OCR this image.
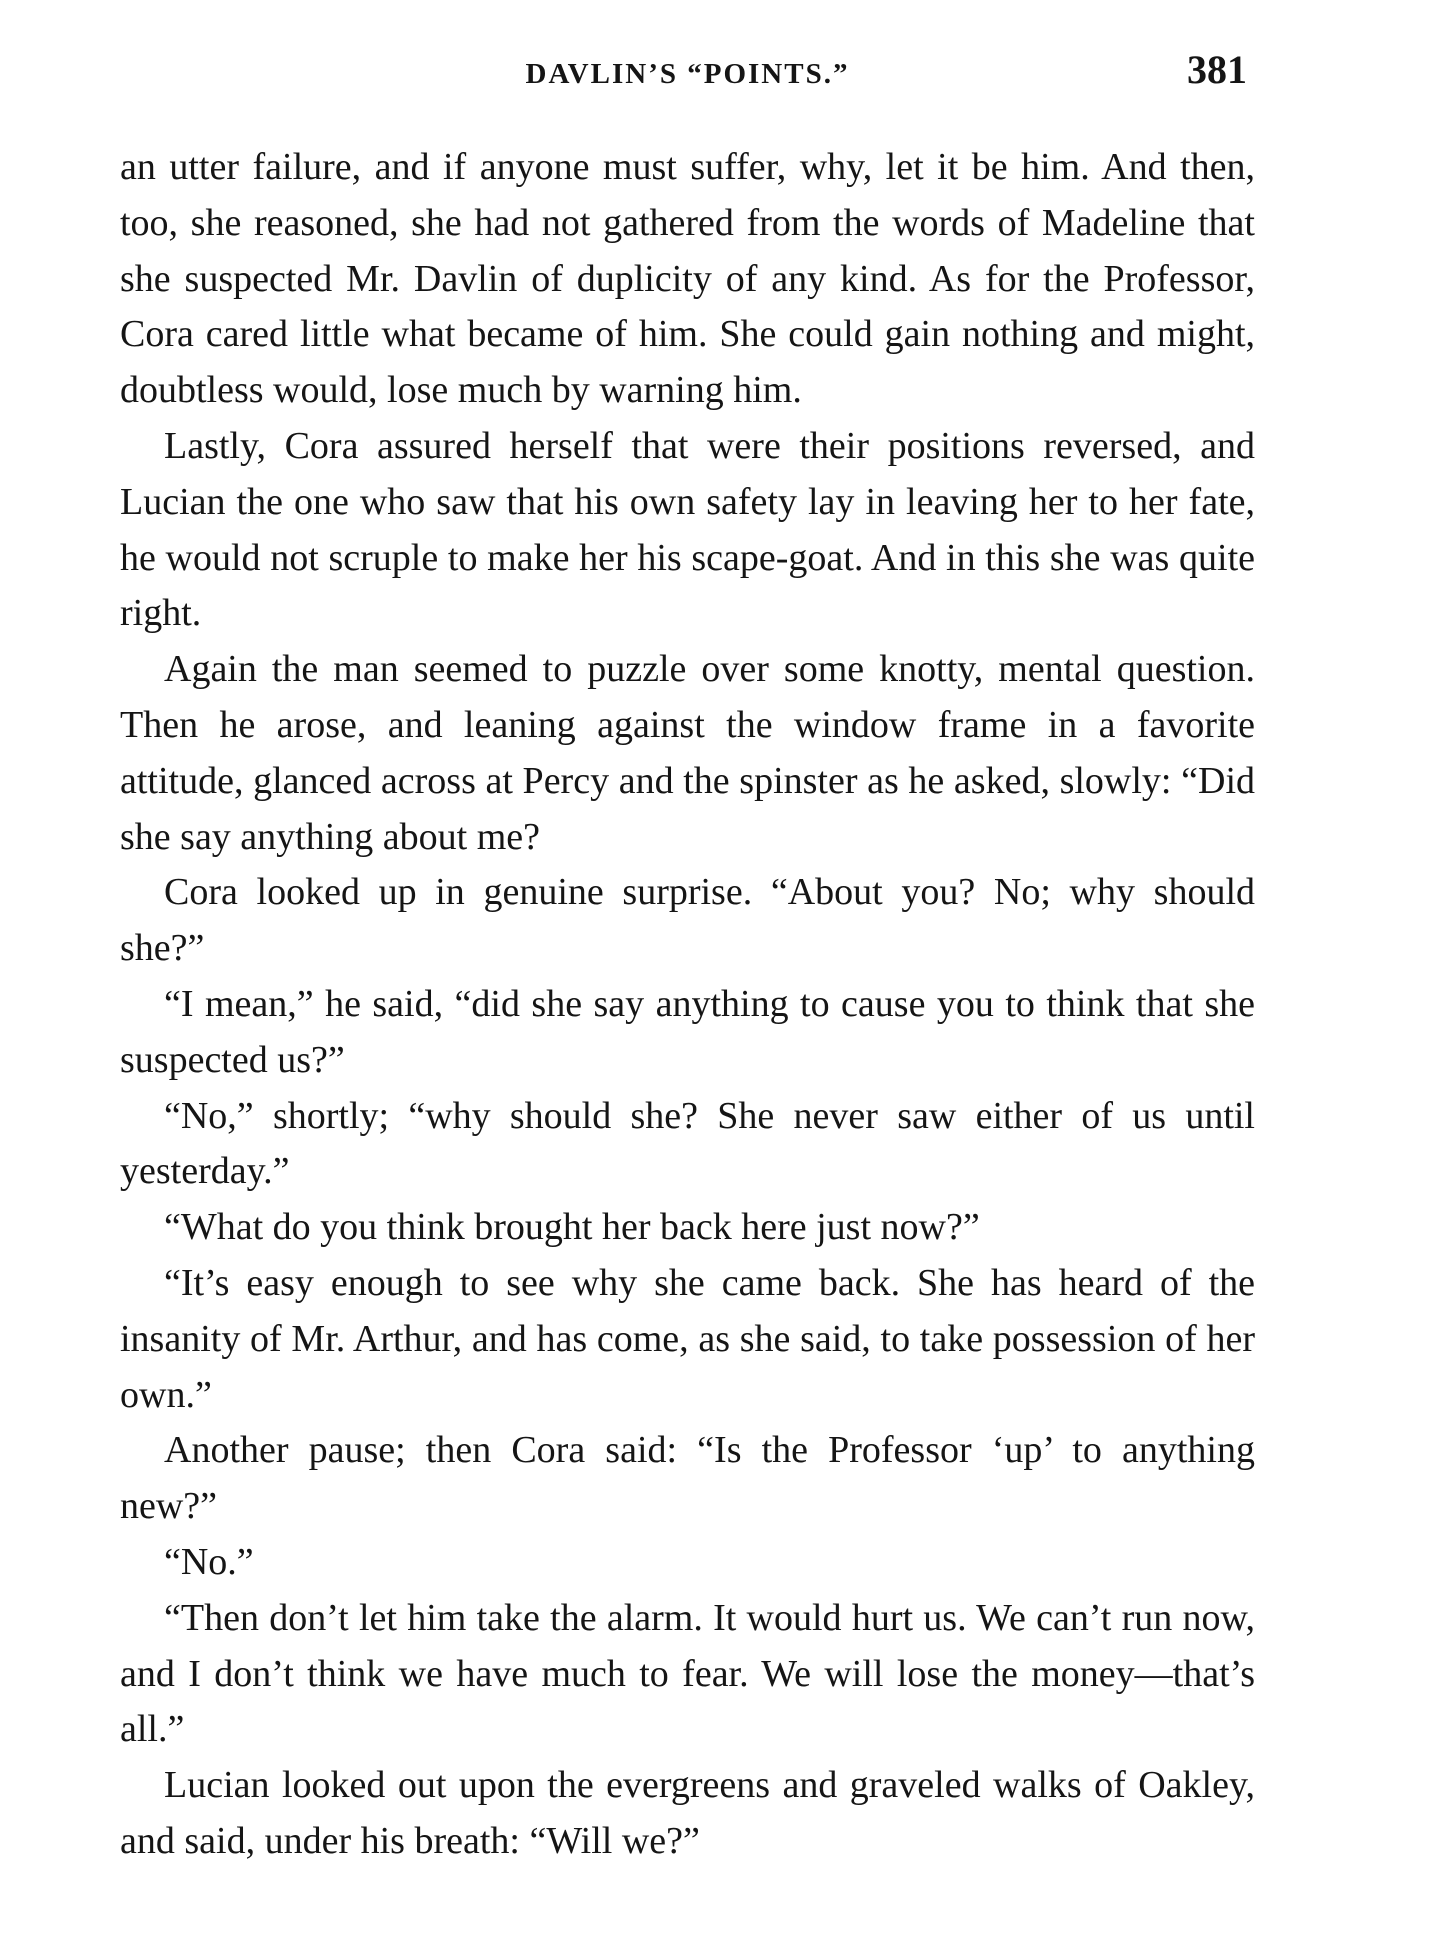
DAVLIN’S “POINTS.”	381

an utter failure, and if anyone must suffer, why, let it be him. And then, too, she reasoned, she had not gathered from the words of Madeline that she suspected Mr. Davlin of duplicity of any kind. As for the Professor, Cora cared little what became of him. She could gain nothing and might, doubtless would, lose much by warning him.

Lastly, Cora assured herself that were their positions reversed, and Lucian the one who saw that his own safety lay in leaving her to her fate, he would not scruple to make her his scape-goat. And in this she was quite right.

Again the man seemed to puzzle over some knotty, mental question. Then he arose, and leaning against the window frame in a favorite attitude, glanced across at Percy and the spinster as he asked, slowly: “Did she say anything about me?

Cora looked up in genuine surprise. “About you? No; why should she?”

“I mean,” he said, “did she say anything to cause you to think that she suspected us?”

“No,” shortly; “why should she? She never saw either of us until yesterday.”

“What do you think brought her back here just now?”

“It’s easy enough to see why she came back. She has heard of the insanity of Mr. Arthur, and has come, as she said, to take possession of her own.”

Another pause; then Cora said: “Is the Professor ‘up’ to anything new?”

“No.”

“Then don’t let him take the alarm. It would hurt us. We can’t run now, and I don’t think we have much to fear. We will lose the money—that’s all.”

Lucian looked out upon the evergreens and graveled walks of Oakley, and said, under his breath: “Will we?”
